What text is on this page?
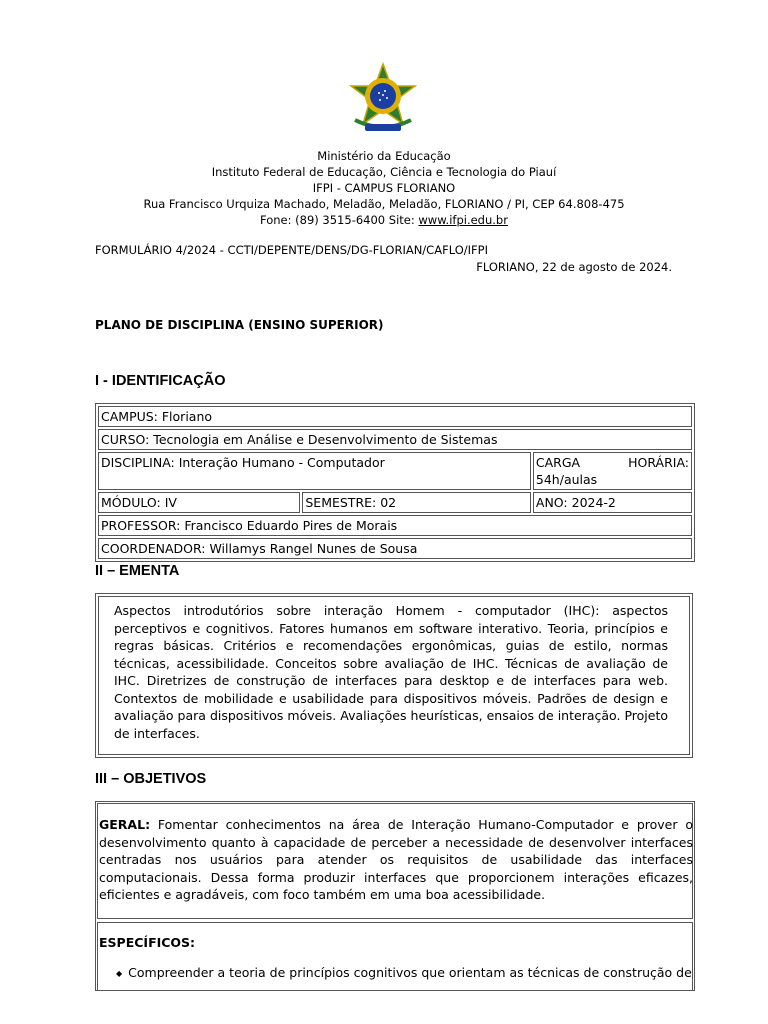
Ministério da Educação
Instituto Federal de Educação, Ciência e Tecnologia do Piauí
IFPI - CAMPUS FLORIANO
Rua Francisco Urquiza Machado, Meladão, Meladão, FLORIANO / PI, CEP 64.808-475
Fone: (89) 3515-6400 Site: www.ifpi.edu.br
FORMULÁRIO 4/2024 - CCTI/DEPENTE/DENS/DG-FLORIAN/CAFLO/IFPI
FLORIANO, 22 de agosto de 2024.
PLANO DE DISCIPLINA (ENSINO SUPERIOR)
I - IDENTIFICAÇÃO
CAMPUS: Floriano		
CURSO: Tecnologia em Análise e Desenvolvimento de Sistemas		
DISCIPLINA: Interação Humano - Computador		CARGA HORÁRIA:
54h/aulas

MÓDULO: IV	SEMESTRE: 02	ANO: 2024-2
PROFESSOR: Francisco Eduardo Pires de Morais		
COORDENADOR: Willamys Rangel Nunes de Sousa		
II – EMENTA
Aspectos introdutórios sobre interação Homem - computador (IHC): aspectos perceptivos e cognitivos. Fatores humanos em software interativo. Teoria, princípios e regras básicas. Critérios e recomendações ergonômicas, guias de estilo, normas técnicas, acessibilidade. Conceitos sobre avaliação de IHC. Técnicas de avaliação de IHC. Diretrizes de construção de interfaces para desktop e de interfaces para web. Contextos de mobilidade e usabilidade para dispositivos móveis. Padrões de design e avaliação para dispositivos móveis. Avaliações heurísticas, ensaios de interação. Projeto de interfaces.
III – OBJETIVOS
GERAL: Fomentar conhecimentos na área de Interação Humano-Computador e prover o desenvolvimento quanto à capacidade de perceber a necessidade de desenvolver interfaces centradas nos usuários para atender os requisitos de usabilidade das interfaces computacionais. Dessa forma produzir interfaces que proporcionem interações eficazes, eficientes e agradáveis, com foco também em uma boa acessibilidade.
ESPECÍFICOS:
◆ Compreender a teoria de princípios cognitivos que orientam as técnicas de construção de
